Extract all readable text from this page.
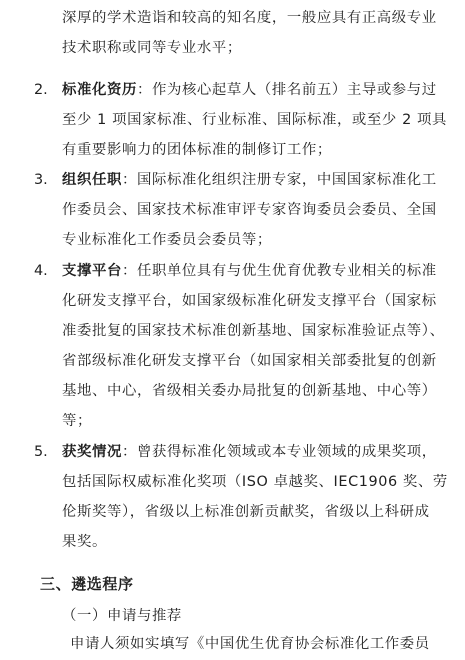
深厚的学术造诣和较高的知名度，一般应具有正高级专业
技术职称或同等专业水平；
2. 标准化资历：作为核心起草人（排名前五）主导或参与过
至少 1 项国家标准、行业标准、国际标准，或至少 2 项具
有重要影响力的团体标准的制修订工作；
3. 组织任职：国际标准化组织注册专家，中国国家标准化工
作委员会、国家技术标准审评专家咨询委员会委员、全国
专业标准化工作委员会委员等；
4. 支撑平台：任职单位具有与优生优育优教专业相关的标准
化研发支撑平台，如国家级标准化研发支撑平台（国家标
准委批复的国家技术标准创新基地、国家标准验证点等）、
省部级标准化研发支撑平台（如国家相关部委批复的创新
基地、中心，省级相关委办局批复的创新基地、中心等）
等；
5. 获奖情况：曾获得标准化领域或本专业领域的成果奖项，
包括国际权威标准化奖项（ISO 卓越奖、IEC1906 奖、劳
伦斯奖等），省级以上标准创新贡献奖，省级以上科研成
果奖。
三、遴选程序
（一）申请与推荐
申请人须如实填写《中国优生优育协会标准化工作委员
